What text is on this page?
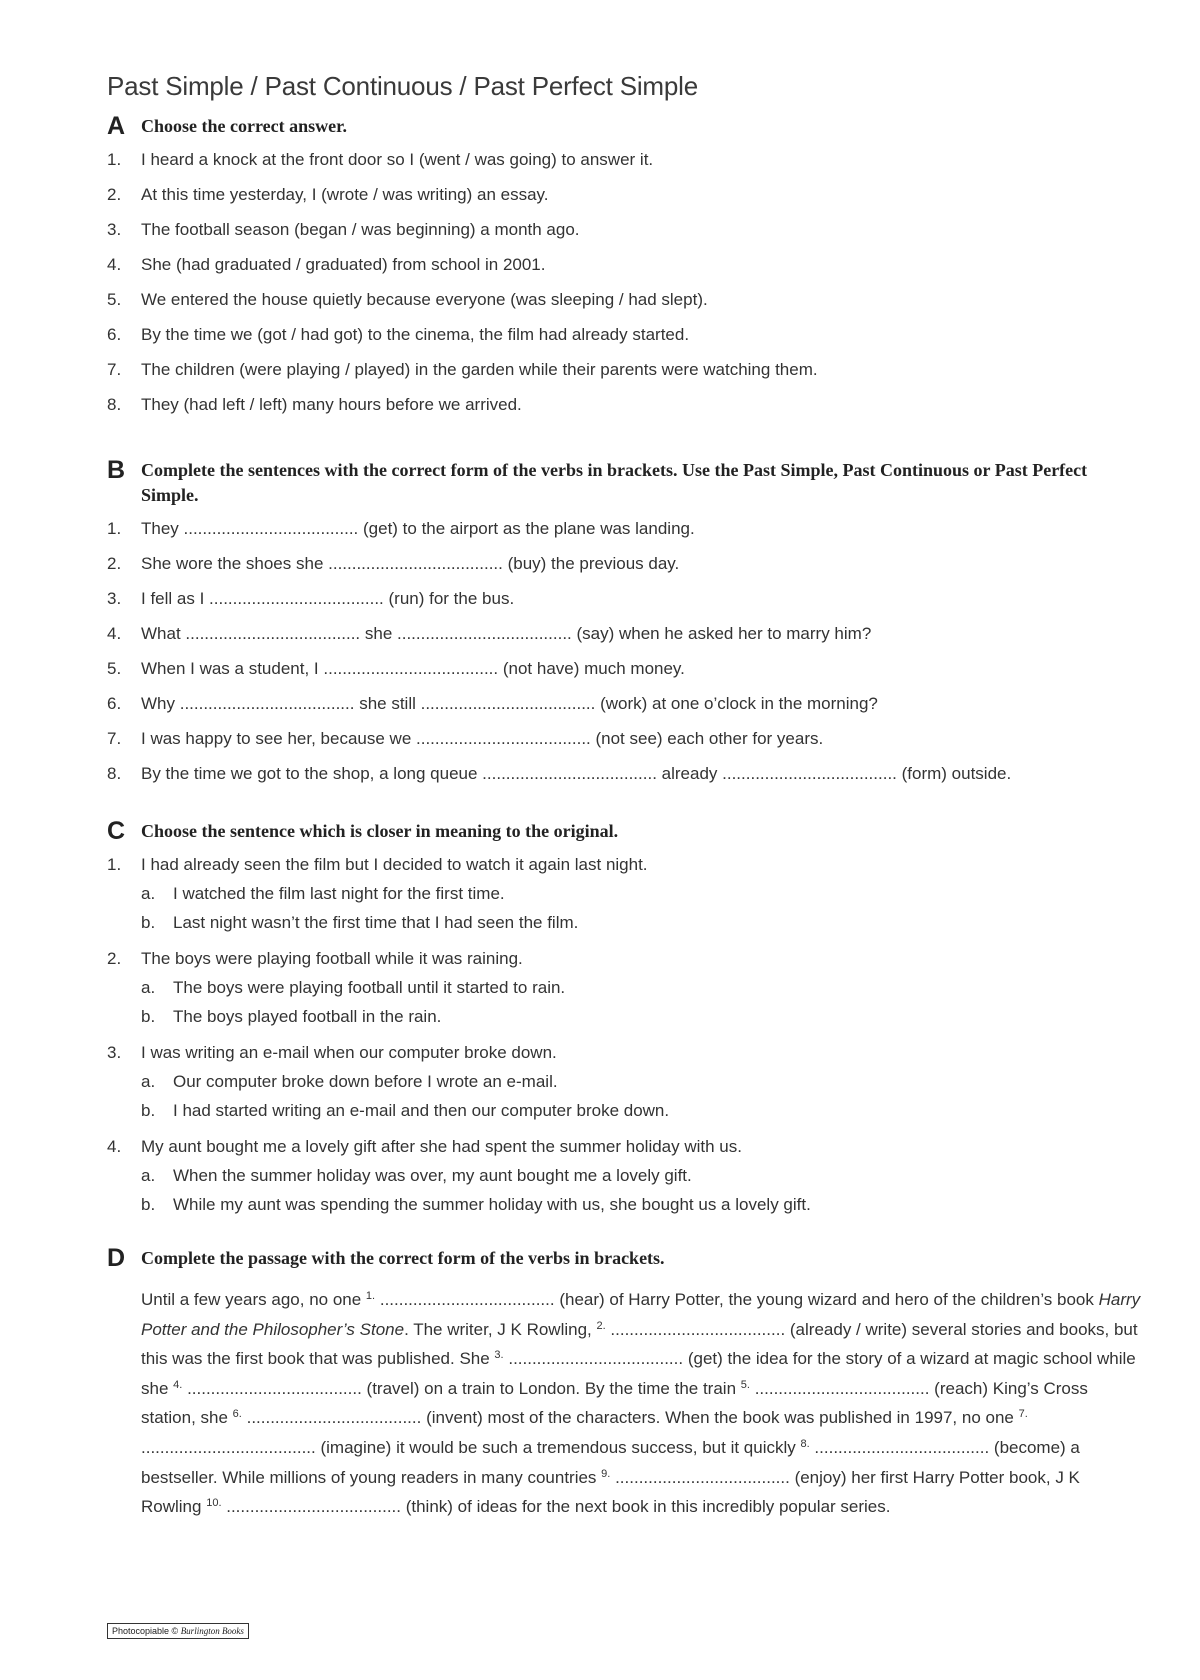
Past Simple / Past Continuous / Past Perfect Simple
A Choose the correct answer.
1.	I heard a knock at the front door so I (went / was going) to answer it.
2.	At this time yesterday, I (wrote / was writing) an essay.
3.	The football season (began / was beginning) a month ago.
4.	She (had graduated / graduated) from school in 2001.
5.	We entered the house quietly because everyone (was sleeping / had slept).
6.	By the time we (got / had got) to the cinema, the film had already started.
7.	The children (were playing / played) in the garden while their parents were watching them.
8.	They (had left / left) many hours before we arrived.
B Complete the sentences with the correct form of the verbs in brackets. Use the Past Simple, Past Continuous or Past Perfect Simple.
1.	They ..................................... (get) to the airport as the plane was landing.
2.	She wore the shoes she ..................................... (buy) the previous day.
3.	I fell as I ..................................... (run) for the bus.
4.	What ..................................... she ..................................... (say) when he asked her to marry him?
5.	When I was a student, I ..................................... (not have) much money.
6.	Why ..................................... she still ..................................... (work) at one o’clock in the morning?
7.	I was happy to see her, because we ..................................... (not see) each other for years.
8.	By the time we got to the shop, a long queue ..................................... already ..................................... (form) outside.
C Choose the sentence which is closer in meaning to the original.
1.	I had already seen the film but I decided to watch it again last night.
a.	I watched the film last night for the first time.
b.	Last night wasn’t the first time that I had seen the film.
2.	The boys were playing football while it was raining.
a.	The boys were playing football until it started to rain.
b.	The boys played football in the rain.
3.	I was writing an e-mail when our computer broke down.
a.	Our computer broke down before I wrote an e-mail.
b.	I had started writing an e-mail and then our computer broke down.
4.	My aunt bought me a lovely gift after she had spent the summer holiday with us.
a.	When the summer holiday was over, my aunt bought me a lovely gift.
b.	While my aunt was spending the summer holiday with us, she bought us a lovely gift.
D Complete the passage with the correct form of the verbs in brackets.
Until a few years ago, no one $^{1.}$ ..................................... (hear) of Harry Potter, the young wizard and hero of the children’s book Harry Potter and the Philosopher’s Stone. The writer, J K Rowling, $^{2.}$ ..................................... (already / write) several stories and books, but this was the first book that was published. She $^{3.}$ ..................................... (get) the idea for the story of a wizard at magic school while she $^{4.}$ ..................................... (travel) on a train to London. By the time the train $^{5.}$ ..................................... (reach) King’s Cross station, she $^{6.}$ ..................................... (invent) most of the characters. When the book was published in 1997, no one $^{7.}$ ..................................... (imagine) it would be such a tremendous success, but it quickly $^{8.}$ ..................................... (become) a bestseller. While millions of young readers in many countries $^{9.}$ ..................................... (enjoy) her first Harry Potter book, J K Rowling $^{10.}$ ..................................... (think) of ideas for the next book in this incredibly popular series.
Photocopiable © Burlington Books
